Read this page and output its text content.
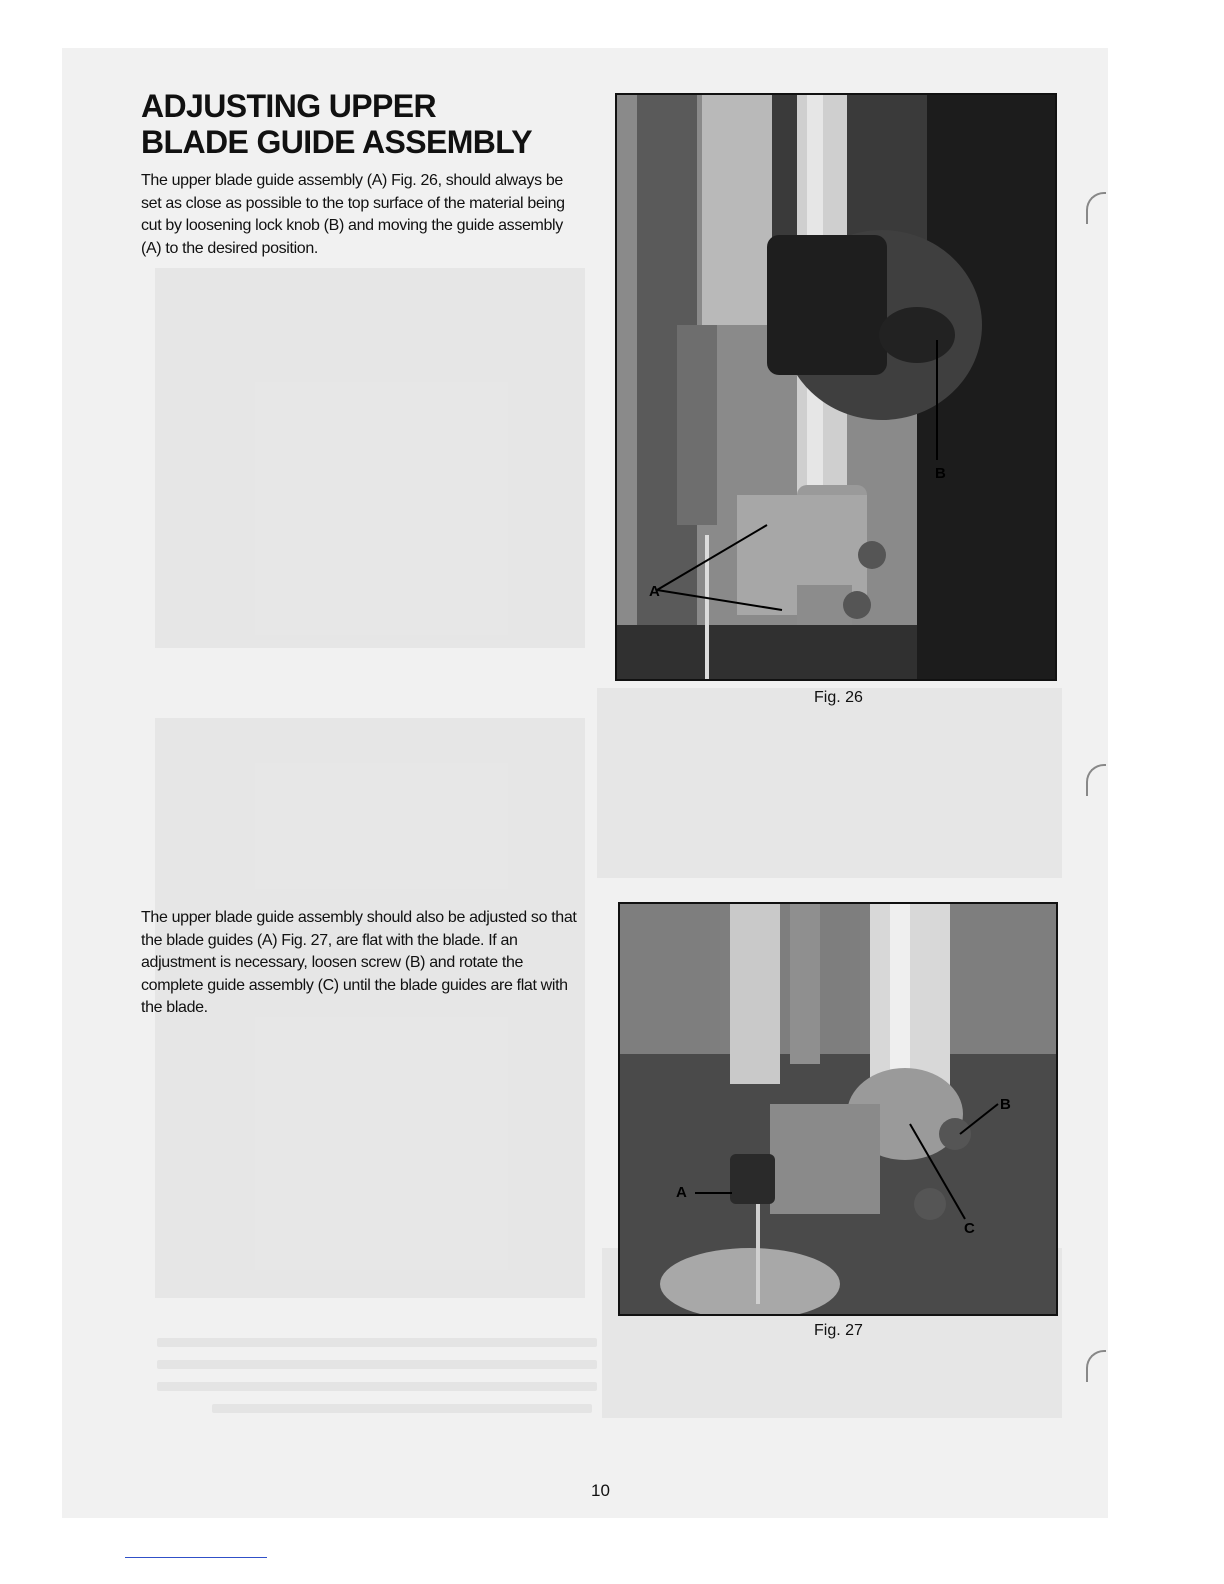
ADJUSTING UPPER
BLADE GUIDE ASSEMBLY

The upper blade guide assembly (A) Fig. 26, should always be set as close as possible to the top surface of the material being cut by loosening lock knob (B) and moving the guide assembly (A) to the desired position.

The upper blade guide assembly should also be adjusted so that the blade guides (A) Fig. 27, are flat with the blade. If an adjustment is necessary, loosen screw (B) and rotate the complete guide assembly (C) until the blade guides are flat with the blade.

A
B

Fig. 26

A
B
C

Fig. 27

10
